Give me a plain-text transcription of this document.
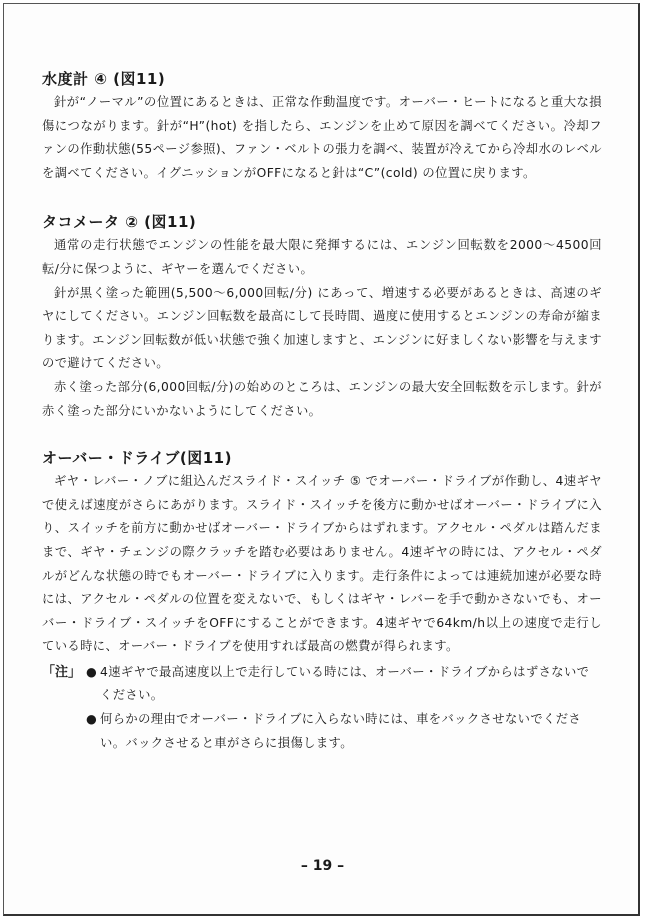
水度計 ④ (図11)

針が“ノーマル”の位置にあるときは、正常な作動温度です。オーバー・ヒートになると重大な損傷につながります。針が“H”(hot) を指したら、エンジンを止めて原因を調べてください。冷却ファンの作動状態(55ページ参照)、ファン・ベルトの張力を調べ、装置が冷えてから冷却水のレベルを調べてください。イグニッションがOFFになると針は“C”(cold) の位置に戻ります。

タコメータ ② (図11)

通常の走行状態でエンジンの性能を最大限に発揮するには、エンジン回転数を2000～4500回転/分に保つように、ギヤーを選んでください。

針が黒く塗った範囲(5,500～6,000回転/分) にあって、増速する必要があるときは、高速のギヤにしてください。エンジン回転数を最高にして長時間、過度に使用するとエンジンの寿命が縮まります。エンジン回転数が低い状態で強く加速しますと、エンジンに好ましくない影響を与えますので避けてください。

赤く塗った部分(6,000回転/分)の始めのところは、エンジンの最大安全回転数を示します。針が赤く塗った部分にいかないようにしてください。

オーバー・ドライブ(図11)

ギヤ・レバー・ノブに組込んだスライド・スイッチ ⑤ でオーバー・ドライブが作動し、4速ギヤで使えば速度がさらにあがります。スライド・スイッチを後方に動かせばオーバー・ドライブに入り、スイッチを前方に動かせばオーバー・ドライブからはずれます。アクセル・ペダルは踏んだままで、ギヤ・チェンジの際クラッチを踏む必要はありません。4速ギヤの時には、アクセル・ペダルがどんな状態の時でもオーバー・ドライブに入ります。走行条件によっては連続加速が必要な時には、アクセル・ペダルの位置を変えないで、もしくはギヤ・レバーを手で動かさないでも、オーバー・ドライブ・スイッチをOFFにすることができます。4速ギヤで64km/h以上の速度で走行している時に、オーバー・ドライブを使用すれば最高の燃費が得られます。

「注」 ● 4速ギヤで最高速度以上で走行している時には、オーバー・ドライブからはずさないでください。
● 何らかの理由でオーバー・ドライブに入らない時には、車をバックさせないでください。バックさせると車がさらに損傷します。
– 19 –
